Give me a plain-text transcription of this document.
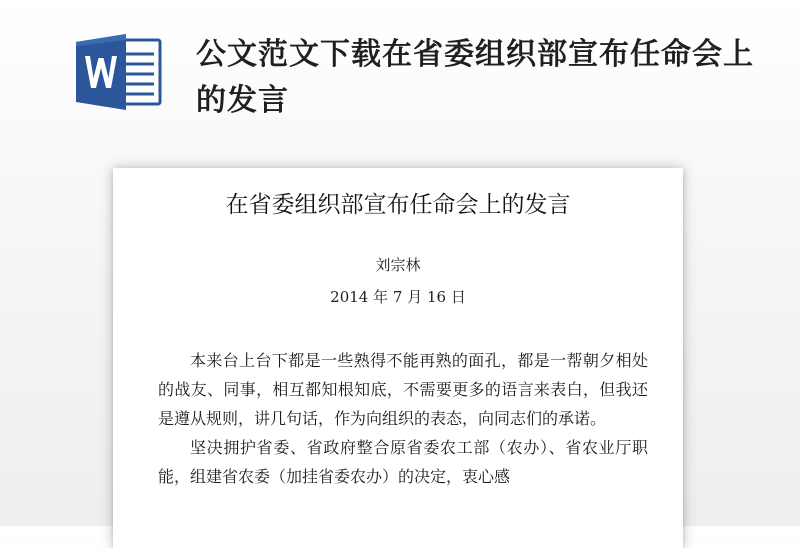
公文范文下载在省委组织部宣布任命会上的发言
在省委组织部宣布任命会上的发言
刘宗林
2014 年 7 月 16 日

本来台上台下都是一些熟得不能再熟的面孔，都是一帮朝夕相处的战友、同事，相互都知根知底，不需要更多的语言来表白，但我还是遵从规则，讲几句话，作为向组织的表态，向同志们的承诺。

坚决拥护省委、省政府整合原省委农工部（农办）、省农业厅职能，组建省农委（加挂省委农办）的决定，衷心感
